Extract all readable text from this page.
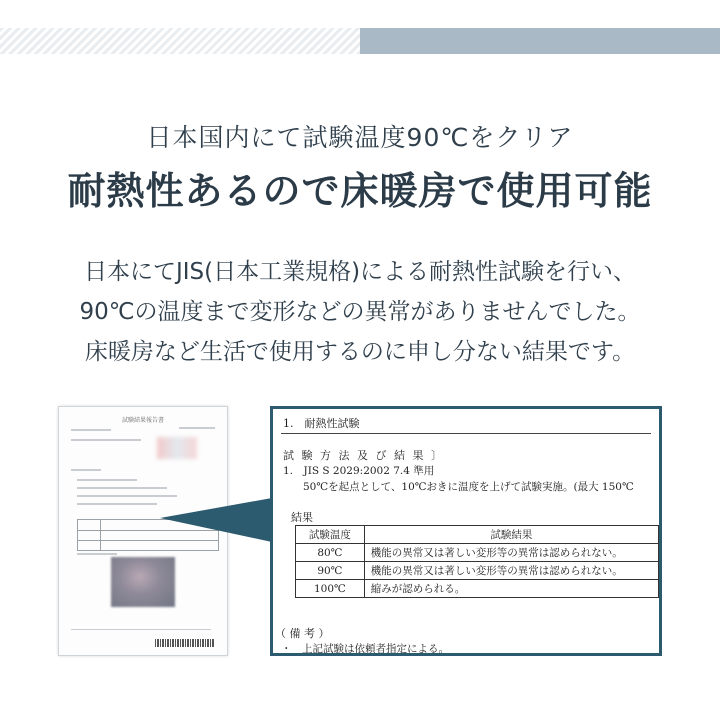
日本国内にて試験温度90℃をクリア
耐熱性あるので床暖房で使用可能
日本にてJIS(日本工業規格)による耐熱性試験を行い、
90℃の温度まで変形などの異常がありませんでした。
床暖房など生活で使用するのに申し分ない結果です。
試験結果報告書	1.　耐熱性試験
試 験 方 法 及 び 結 果 〕
1.　JIS S 2029:2002 7.4 準用
50℃を起点として、10℃おきに温度を上げて試験実施。(最大 150℃
結果
試験温度	試験結果
80℃	機能の異常又は著しい変形等の異常は認められない。
90℃	機能の異常又は著しい変形等の異常は認められない。
100℃	縮みが認められる。
（ 備 考 ）
・　上記試験は依頼者指定による。
